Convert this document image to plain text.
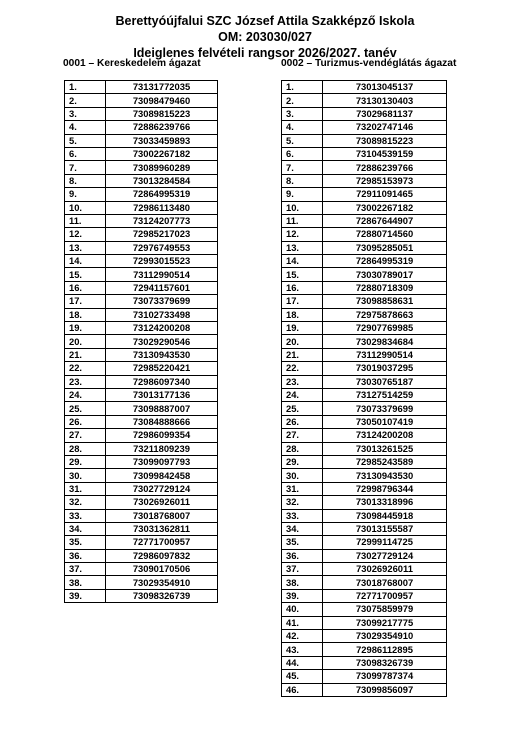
Berettyóújfalui SZC József Attila Szakképző Iskola
OM: 203030/027
Ideiglenes felvételi rangsor 2026/2027. tanév
0001 – Kereskedelem ágazat	0002 – Turizmus-vendéglátás ágazat
1.	73131772035
2.	73098479460
3.	73089815223
4.	72886239766
5.	73033459893
6.	73002267182
7.	73089960289
8.	73013284584
9.	72864995319
10.	72986113480
11.	73124207773
12.	72985217023
13.	72976749553
14.	72993015523
15.	73112990514
16.	72941157601
17.	73073379699
18.	73102733498
19.	73124200208
20.	73029290546
21.	73130943530
22.	72985220421
23.	72986097340
24.	73013177136
25.	73098887007
26.	73084888666
27.	72986099354
28.	73211809239
29.	73099097793
30.	73099842458
31.	73027729124
32.	73026926011
33.	73018768007
34.	73031362811
35.	72771700957
36.	72986097832
37.	73090170506
38.	73029354910
39.	73098326739
1.	73013045137
2.	73130130403
3.	73029681137
4.	73202747146
5.	73089815223
6.	73104539159
7.	72886239766
8.	72985153973
9.	72911091465
10.	73002267182
11.	72867644907
12.	72880714560
13.	73095285051
14.	72864995319
15.	73030789017
16.	72880718309
17.	73098858631
18.	72975878663
19.	72907769985
20.	73029834684
21.	73112990514
22.	73019037295
23.	73030765187
24.	73127514259
25.	73073379699
26.	73050107419
27.	73124200208
28.	73013261525
29.	72985243589
30.	73130943530
31.	72998796344
32.	73013318996
33.	73098445918
34.	73013155587
35.	72999114725
36.	73027729124
37.	73026926011
38.	73018768007
39.	72771700957
40.	73075859979
41.	73099217775
42.	73029354910
43.	72986112895
44.	73098326739
45.	73099787374
46.	73099856097
